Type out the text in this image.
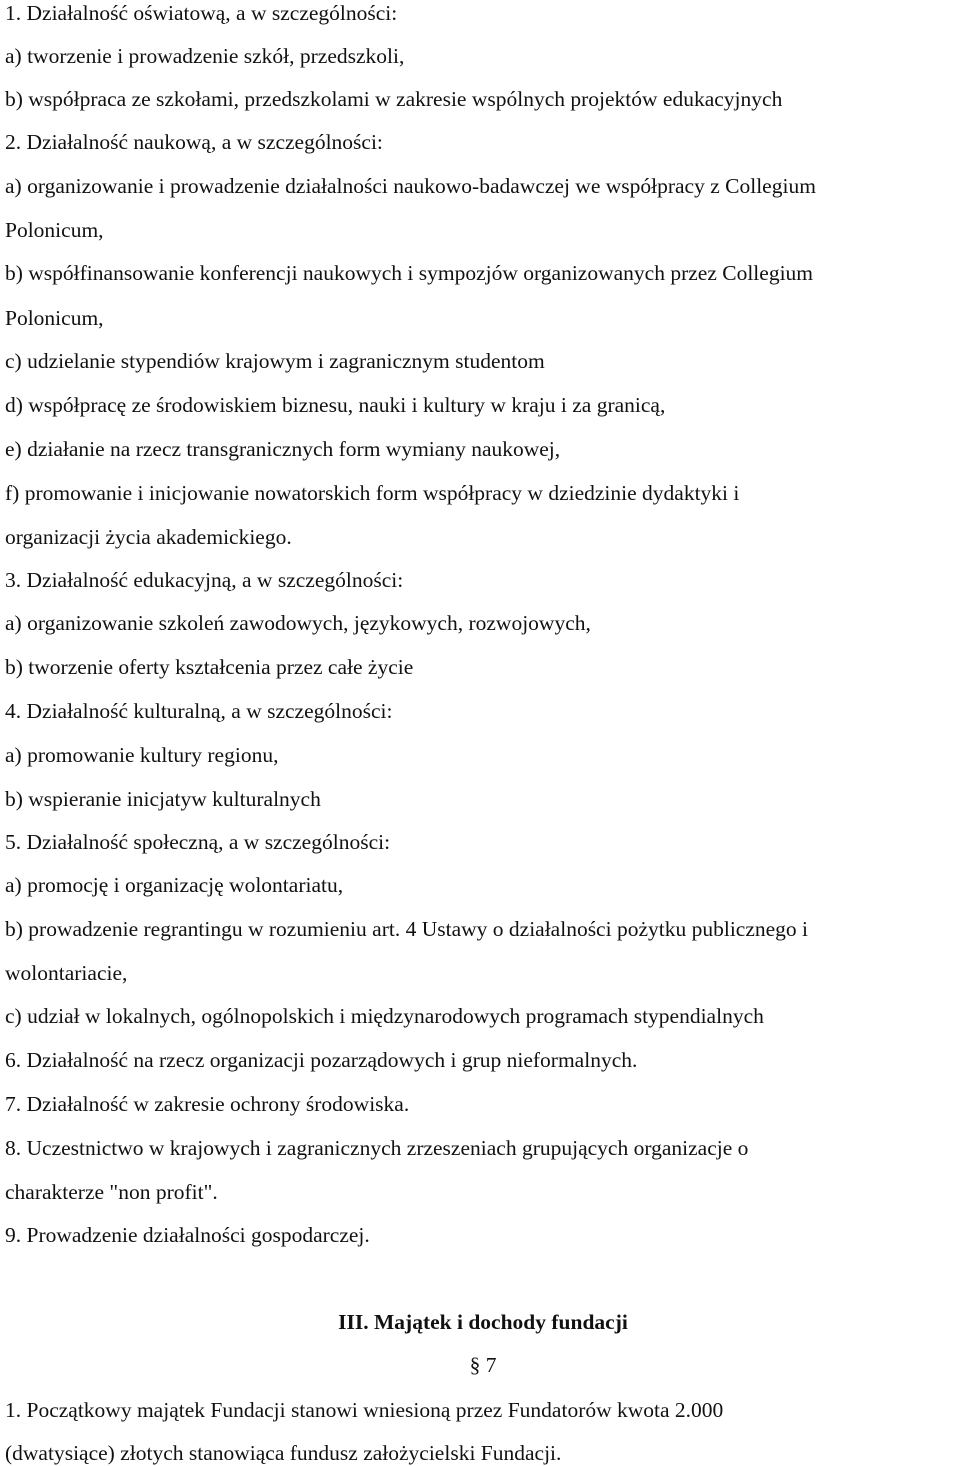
1. Działalność oświatową, a w szczególności:
a) tworzenie i prowadzenie szkół, przedszkoli,
b) współpraca ze szkołami, przedszkolami w zakresie wspólnych projektów edukacyjnych
2. Działalność naukową, a w szczególności:
a) organizowanie i prowadzenie działalności naukowo-badawczej we współpracy z Collegium
Polonicum,
b) współfinansowanie konferencji naukowych i sympozjów organizowanych przez Collegium
Polonicum,
c) udzielanie stypendiów krajowym i zagranicznym studentom
d) współpracę ze środowiskiem biznesu, nauki i kultury w kraju i za granicą,
e) działanie na rzecz transgranicznych form wymiany naukowej,
f) promowanie i inicjowanie nowatorskich form współpracy w dziedzinie dydaktyki i
organizacji życia akademickiego.
3. Działalność edukacyjną, a w szczególności:
a) organizowanie szkoleń zawodowych, językowych, rozwojowych,
b) tworzenie oferty kształcenia przez całe życie
4. Działalność kulturalną, a w szczególności:
a) promowanie kultury regionu,
b) wspieranie inicjatyw kulturalnych
5. Działalność społeczną, a w szczególności:
a) promocję i organizację wolontariatu,
b) prowadzenie regrantingu w rozumieniu art. 4 Ustawy o działalności pożytku publicznego i
wolontariacie,
c) udział w lokalnych, ogólnopolskich i międzynarodowych programach stypendialnych
6. Działalność na rzecz organizacji pozarządowych i grup nieformalnych.
7. Działalność w zakresie ochrony środowiska.
8. Uczestnictwo w krajowych i zagranicznych zrzeszeniach grupujących organizacje o
charakterze "non profit".
9. Prowadzenie działalności gospodarczej.
III. Majątek i dochody fundacji
§ 7
1. Początkowy majątek Fundacji stanowi wniesioną przez Fundatorów kwota 2.000
(dwatysiące) złotych stanowiąca fundusz założycielski Fundacji.
